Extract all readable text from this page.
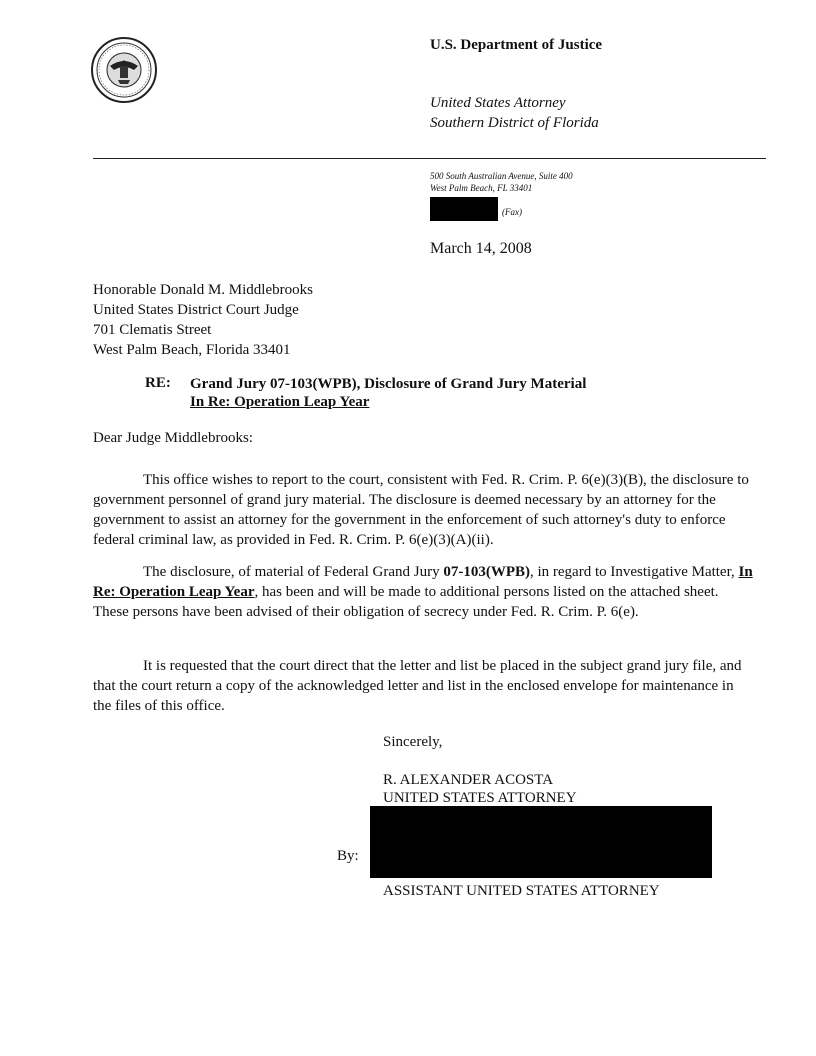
U.S. Department of Justice
United States Attorney
Southern District of Florida
500 South Australian Avenue, Suite 400
West Palm Beach, FL 33401
(Fax)
March 14, 2008
Honorable Donald M. Middlebrooks
United States District Court Judge
701 Clematis Street
West Palm Beach, Florida 33401
RE: Grand Jury 07-103(WPB), Disclosure of Grand Jury Material
In Re: Operation Leap Year
Dear Judge Middlebrooks:
This office wishes to report to the court, consistent with Fed. R. Crim. P. 6(e)(3)(B), the disclosure to government personnel of grand jury material. The disclosure is deemed necessary by an attorney for the government to assist an attorney for the government in the enforcement of such attorney's duty to enforce federal criminal law, as provided in Fed. R. Crim. P. 6(e)(3)(A)(ii).
The disclosure, of material of Federal Grand Jury 07-103(WPB), in regard to Investigative Matter, In Re: Operation Leap Year, has been and will be made to additional persons listed on the attached sheet. These persons have been advised of their obligation of secrecy under Fed. R. Crim. P. 6(e).
It is requested that the court direct that the letter and list be placed in the subject grand jury file, and that the court return a copy of the acknowledged letter and list in the enclosed envelope for maintenance in the files of this office.
Sincerely,
R. ALEXANDER ACOSTA
UNITED STATES ATTORNEY
By:
ASSISTANT UNITED STATES ATTORNEY
